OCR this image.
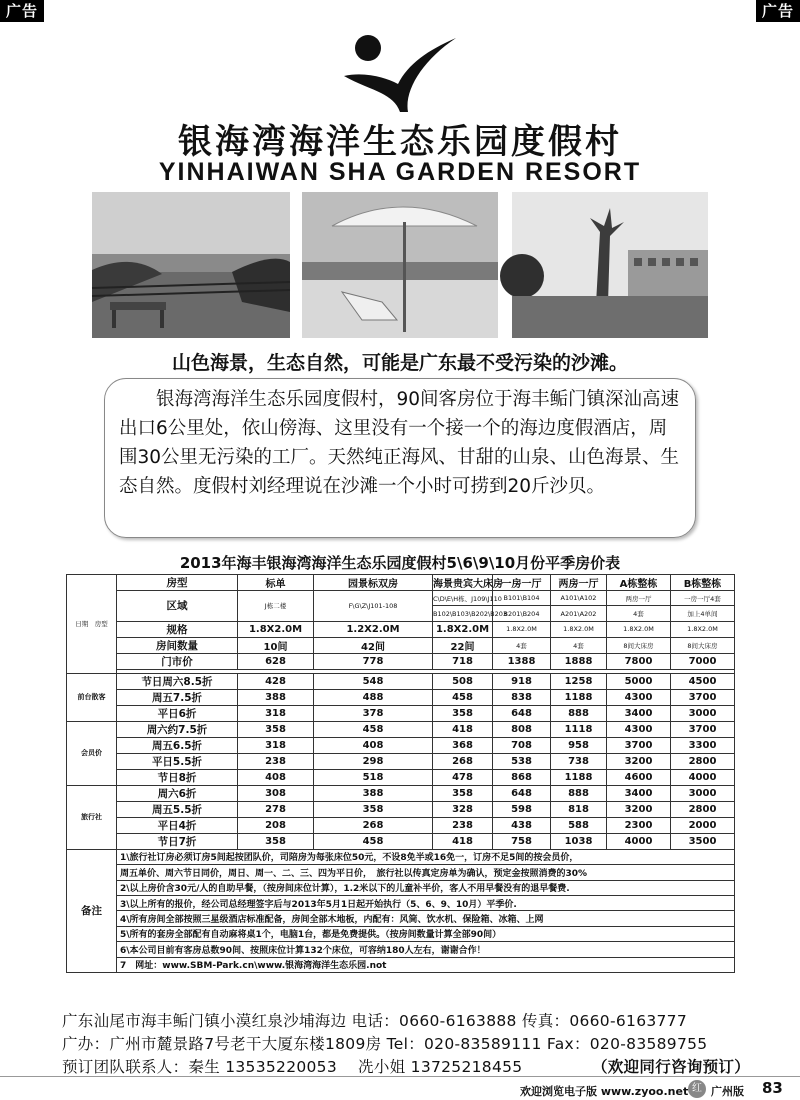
广告	广告
银海湾海洋生态乐园度假村
YINHAIWAN SHA GARDEN RESORT
山色海景，生态自然，可能是广东最不受污染的沙滩。

银海湾海洋生态乐园度假村，90间客房位于海丰鲘门镇深汕高速出口6公里处，依山傍海、这里没有一个接一个的海边度假酒店，周围30公里无污染的工厂。天然纯正海风、甘甜的山泉、山色海景、生态自然。度假村刘经理说在沙滩一个小时可捞到20斤沙贝。

2013年海丰银海湾海洋生态乐园度假村5\6\9\10月份平季房价表
日期　房型	房型	标单	园景标双房	海景贵宾大床房	一房一厅	两房一厅	A栋整栋	B栋整栋	
	区域	J栋二楼	F\G\Z\J101-108	C\D\E\H栋、J109\J110	B101\B104	A101\A102	两房一厅	一房一厅4套	
				B102\B103\B202\B203	B201\B204	A201\A202	4套	加上4单间	
	规格	1.8X2.0M	1.2X2.0M	1.8X2.0M	1.8X2.0M	1.8X2.0M	1.8X2.0M	1.8X2.0M	
	房间数量	10间	42间	22间	4套	4套	8间大床房	8间大床房	
	门市价	628	778	718	1388	1888	7800	7000	

前台散客	节日周六8.5折	428	548	508	918	1258	5000	4500	
	周五7.5折	388	488	458	838	1188	4300	3700	
	平日6折	318	378	358	648	888	3400	3000	
会员价	周六约7.5折	358	458	418	808	1118	4300	3700	
	周五6.5折	318	408	368	708	958	3700	3300	
	平日5.5折	238	298	268	538	738	3200	2800	
	节日8折	408	518	478	868	1188	4600	4000	
旅行社	周六6折	308	388	358	648	888	3400	3000	
	周五5.5折	278	358	328	598	818	3200	2800	
	平日4折	208	268	238	438	588	2300	2000	
	节日7折	358	458	418	758	1038	4000	3500	
备注	1\旅行社订房必须订房5间起按团队价，司陪房为每张床位50元，不设8免半或16免一，订房不足5间的按会员价，								
	周五单价、周六节日同价，周日、周一、二、三、四为平日价，　旅行社以传真定房单为确认，预定金按照消费的30%								
	2\以上房价含30元/人的自助早餐，（按房间床位计算），1.2米以下的儿童补半价，客人不用早餐没有的退早餐费.								
	3\以上所有的报价，经公司总经理签字后与2013年5月1日起开始执行（5、6、9、10月）平季价.								
	4\所有房间全部按照三星级酒店标准配备，房间全部木地板，内配有：风筒、饮水机、保险箱、冰箱、上网								
	5\所有的套房全部配有自动麻将桌1个，电脑1台，都是免费提供。（按房间数量计算全部90间）								
	6\本公司目前有客房总数90间、按照床位计算132个床位，可容纳180人左右，谢谢合作！								
	7　网址：www.SBM-Park.cn\www.银海湾海洋生态乐园.not								
广东汕尾市海丰鲘门镇小漠红泉沙埔海边 电话：0660-6163888 传真：0660-6163777
广办：广州市麓景路7号老干大厦东楼1809房 Tel：020-83589111 Fax：020-83589755
预订团队联系人：秦生 13535220053　 冼小姐 13725218455	（欢迎同行咨询预订）
欢迎浏览电子版 www.zyoo.net 红 广州版 83
